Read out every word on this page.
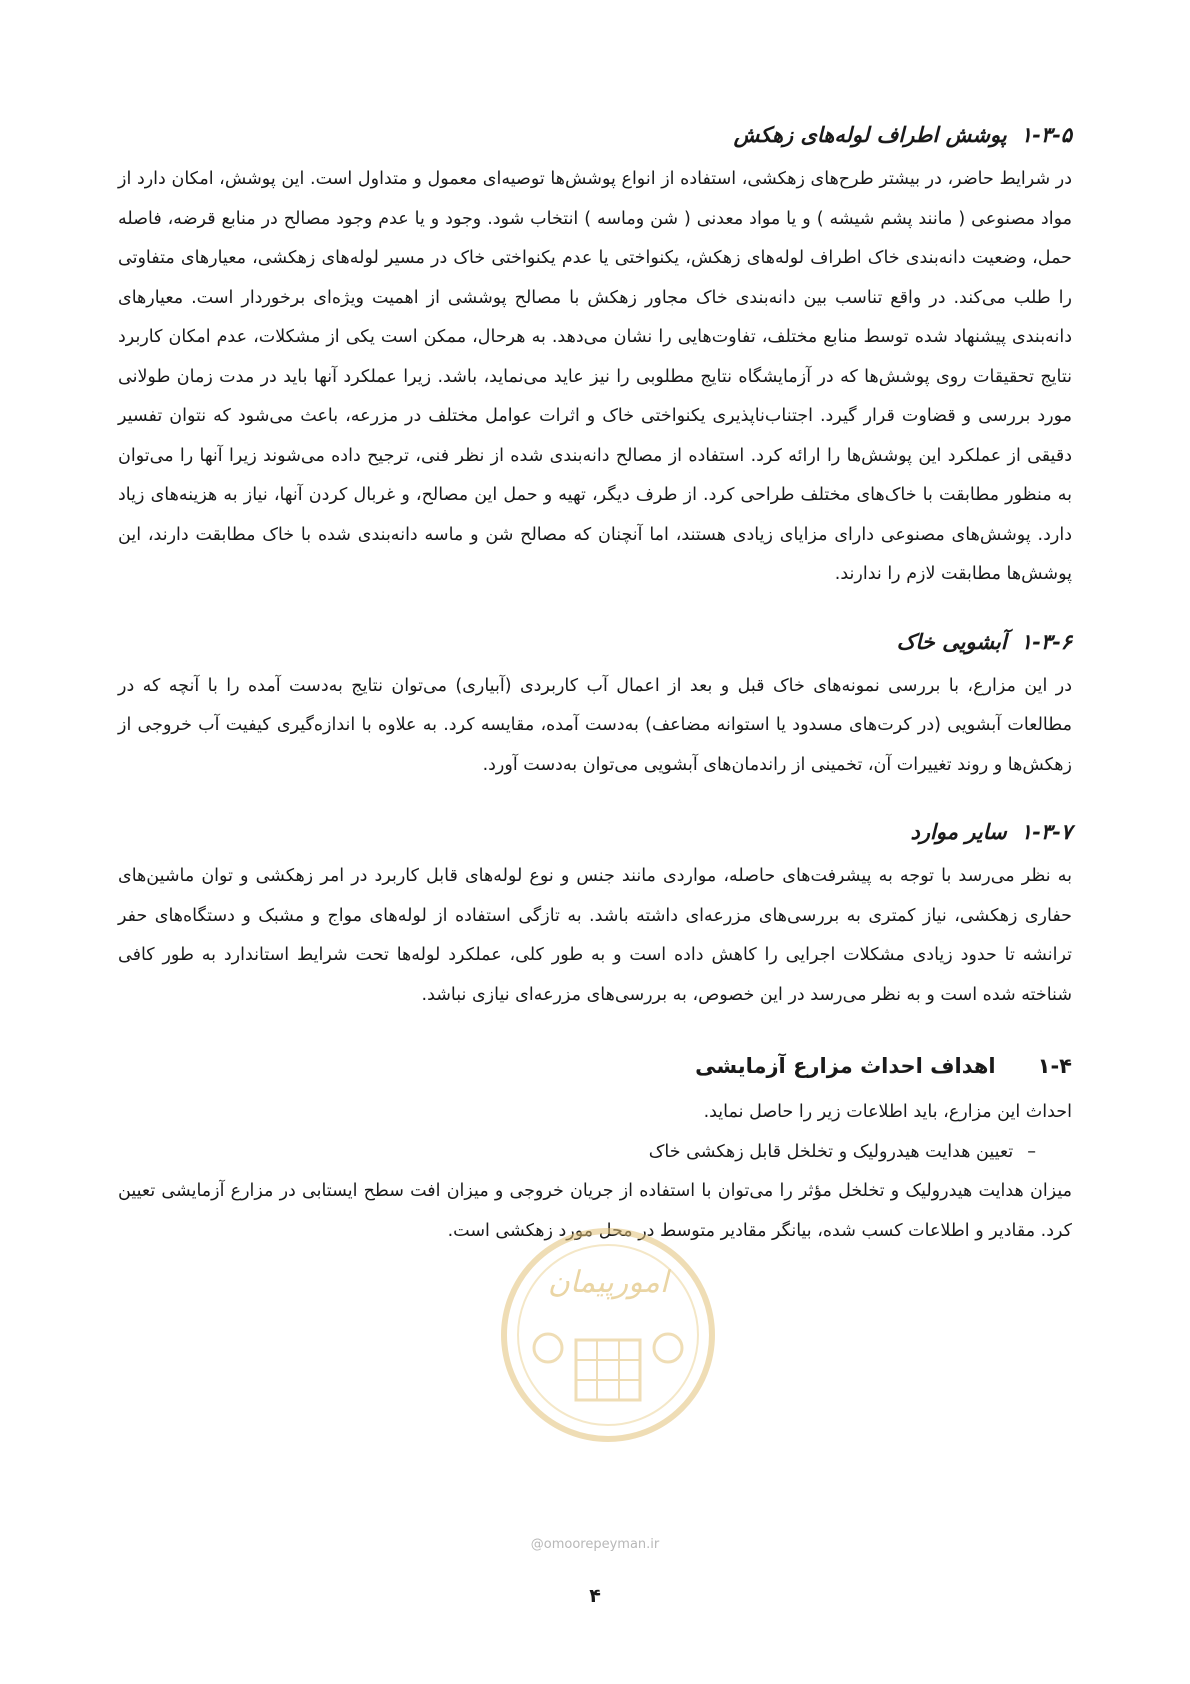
۱-۳-۵پوشش اطراف لوله‌های زهکش

در شرایط حاضر، در بیشتر طرح‌های زهکشی، استفاده از انواع پوشش‌ها توصیه‌ای معمول و متداول است. این پوشش، امکان دارد از مواد مصنوعی ( مانند پشم شیشه ) و یا مواد معدنی ( شن وماسه ) انتخاب شود. وجود و یا عدم وجود مصالح در منابع قرضه، فاصله حمل، وضعیت دانه‌بندی خاک اطراف لوله‌های زهکش، یکنواختی یا عدم یکنواختی خاک در مسیر لوله‌های زهکشی، معیارهای متفاوتی را طلب می‌کند. در واقع تناسب بین دانه‌بندی خاک مجاور زهکش با مصالح پوششی از اهمیت ویژه‌ای برخوردار است. معیارهای دانه‌بندی پیشنهاد شده توسط منابع مختلف، تفاوت‌هایی را نشان می‌دهد. به هرحال، ممکن است یکی از مشکلات، عدم امکان کاربرد نتایج تحقیقات روی پوشش‌ها که در آزمایشگاه نتایج مطلوبی را نیز عاید می‌نماید، باشد. زیرا عملکرد آنها باید در مدت زمان طولانی مورد بررسی و قضاوت قرار گیرد. اجتناب‌ناپذیری یکنواختی خاک و اثرات عوامل مختلف در مزرعه، باعث می‌شود که نتوان تفسیر دقیقی از عملکرد این پوشش‌ها را ارائه کرد. استفاده از مصالح دانه‌بندی شده از نظر فنی، ترجیح داده می‌شوند زیرا آنها را می‌توان به منظور مطابقت با خاک‌های مختلف طراحی کرد. از طرف دیگر، تهیه و حمل این مصالح، و غربال کردن آنها، نیاز به هزینه‌های زیاد دارد. پوشش‌های مصنوعی دارای مزایای زیادی هستند، اما آنچنان که مصالح شن و ماسه دانه‌بندی شده با خاک مطابقت دارند، این پوشش‌ها مطابقت لازم را ندارند.

۱-۳-۶آبشویی خاک

در این مزارع، با بررسی نمونه‌های خاک قبل و بعد از اعمال آب کاربردی (آبیاری) می‌توان نتایج به‌دست آمده را با آنچه که در مطالعات آبشویی (در کرت‌های مسدود یا استوانه مضاعف) به‌دست آمده، مقایسه کرد. به علاوه با اندازه‌گیری کیفیت آب خروجی از زهکش‌ها و روند تغییرات آن، تخمینی از راندمان‌های آبشویی می‌توان به‌دست آورد.

۱-۳-۷سایر موارد

به نظر می‌رسد با توجه به پیشرفت‌های حاصله، مواردی مانند جنس و نوع لوله‌های قابل کاربرد در امر زهکشی و توان ماشین‌های حفاری زهکشی، نیاز کمتری به بررسی‌های مزرعه‌ای داشته باشد. به تازگی استفاده از لوله‌های مواج و مشبک و دستگاه‌های حفر ترانشه تا حدود زیادی مشکلات اجرایی را کاهش داده است و به طور کلی، عملکرد لوله‌ها تحت شرایط استاندارد به طور کافی شناخته شده است و به نظر می‌رسد در این خصوص، به بررسی‌های مزرعه‌ای نیازی نباشد.

۱-۴اهداف احداث مزارع آزمایشی

احداث این مزارع، باید اطلاعات زیر را حاصل نماید.

–تعیین هدایت هیدرولیک و تخلخل قابل زهکشی خاک

میزان هدایت هیدرولیک و تخلخل مؤثر را می‌توان با استفاده از جریان خروجی و میزان افت سطح ایستابی در مزارع آزمایشی تعیین کرد. مقادیر و اطلاعات کسب شده، بیانگر مقادیر متوسط در محل مورد زهکشی است.

امورپیمان
@omoorepeyman.ir
۴
